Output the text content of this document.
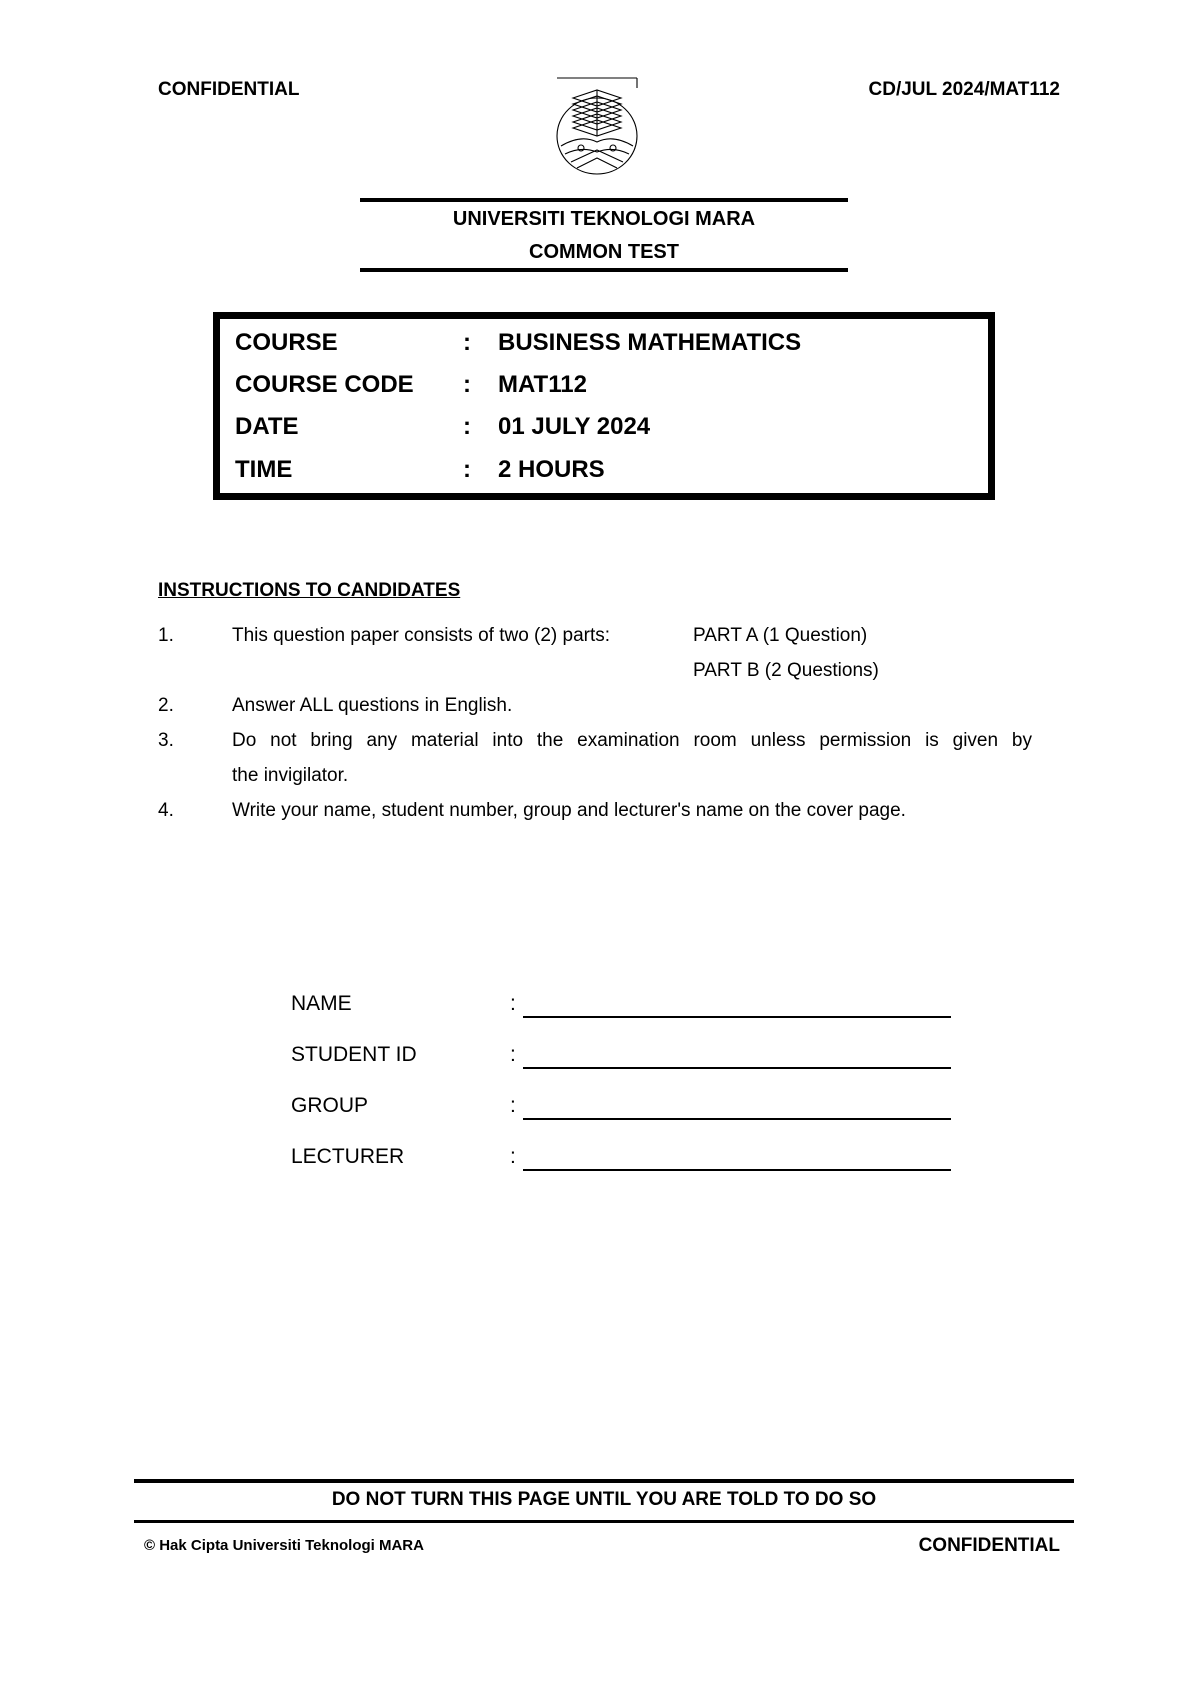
CONFIDENTIAL	CD/JUL 2024/MAT112
UNIVERSITI TEKNOLOGI MARA
COMMON TEST
COURSE	: BUSINESS MATHEMATICS
COURSE CODE	: MAT112
DATE	: 01 JULY 2024
TIME	: 2 HOURS
INSTRUCTIONS TO CANDIDATES
1.	This question paper consists of two (2) parts:	PART A (1 Question)
PART B (2 Questions)
2.	Answer ALL questions in English.
3.	Do not bring any material into the examination room unless permission is given by
the invigilator.
4.	Write your name, student number, group and lecturer's name on the cover page.
NAME	:
STUDENT ID	:
GROUP	:
LECTURER	:
DO NOT TURN THIS PAGE UNTIL YOU ARE TOLD TO DO SO
© Hak Cipta Universiti Teknologi MARA	CONFIDENTIAL
